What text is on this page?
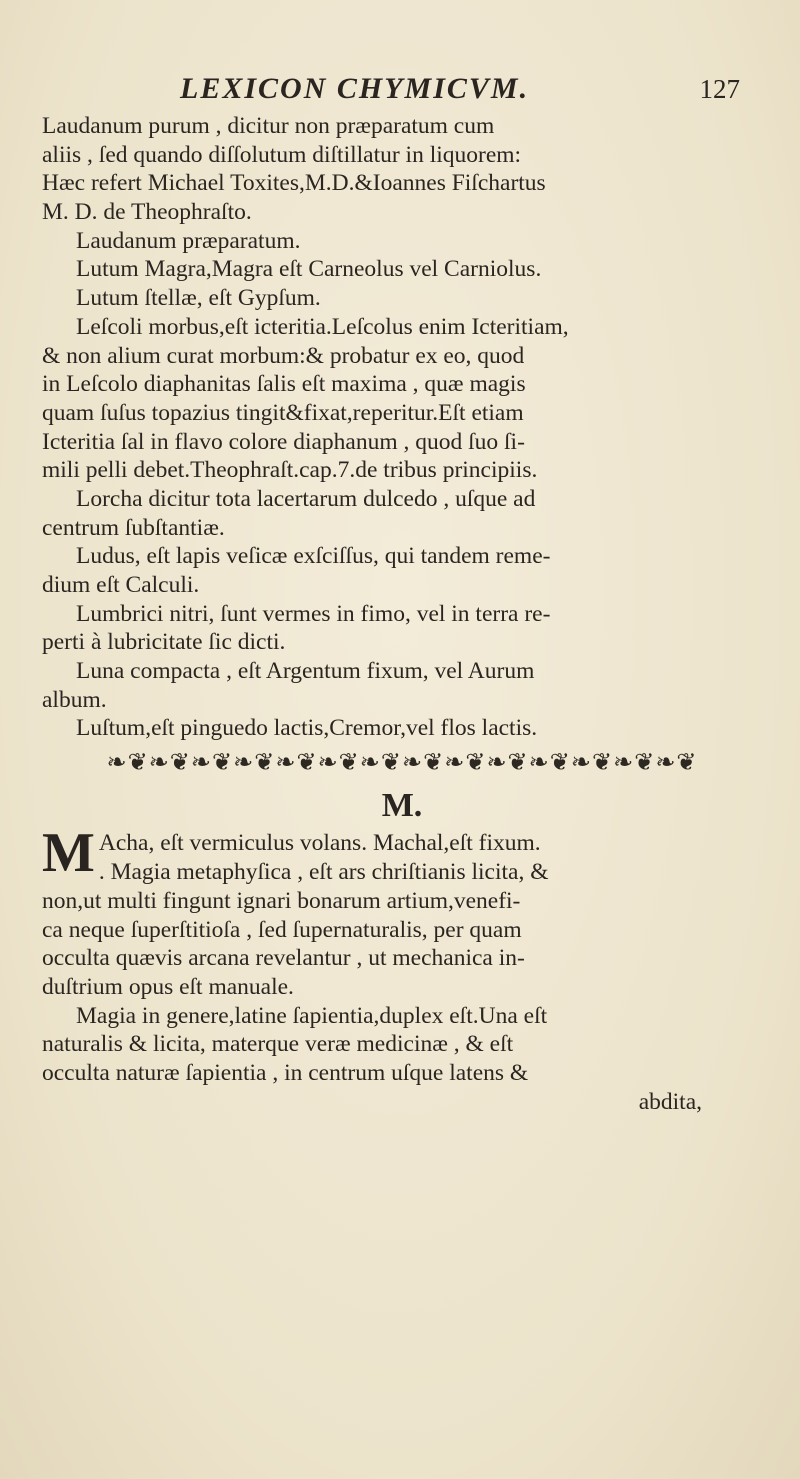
LEXICON CHYMICVM.	127
Laudanum purum , dicitur non præparatum cum
aliis , ſed quando diſſolutum diſtillatur in liquorem:
Hæc refert Michael Toxites,M.D.&Ioannes Fiſchartus
M. D. de Theophraſto.
Laudanum præparatum.
Lutum Magra,Magra eſt Carneolus vel Carniolus.
Lutum ſtellæ, eſt Gypſum.
Leſcoli morbus,eſt icteritia.Leſcolus enim Icteritiam,
& non alium curat morbum:& probatur ex eo, quod
in Leſcolo diaphanitas ſalis eſt maxima , quæ magis
quam ſuſus topazius tingit&fixat,reperitur.Eſt etiam
Icteritia ſal in flavo colore diaphanum , quod ſuo ſi-
mili pelli debet.Theophraſt.cap.7.de tribus principiis.
Lorcha dicitur tota lacertarum dulcedo , uſque ad
centrum ſubſtantiæ.
Ludus, eſt lapis veſicæ exſciſſus, qui tandem reme-
dium eſt Calculi.
Lumbrici nitri, ſunt vermes in fimo, vel in terra re-
perti à lubricitate ſic dicti.
Luna compacta , eſt Argentum fixum, vel Aurum
album.
Luſtum,eſt pinguedo lactis,Cremor,vel flos lactis.
❧❦❧❦❧❦❧❦❧❦❧❦❧❦❧❦❧❦❧❦❧❦❧❦❧❦❧❦
M.
M Acha, eſt vermiculus volans. Machal,eſt fixum.
. Magia metaphyſica , eſt ars chriſtianis licita, &
non,ut multi fingunt ignari bonarum artium,venefi-
ca neque ſuperſtitioſa , ſed ſupernaturalis, per quam
occulta quævis arcana revelantur , ut mechanica in-
duſtrium opus eſt manuale.
Magia in genere,latine ſapientia,duplex eſt.Una eſt
naturalis & licita, materque veræ medicinæ , & eſt
occulta naturæ ſapientia , in centrum uſque latens &
abdita,
